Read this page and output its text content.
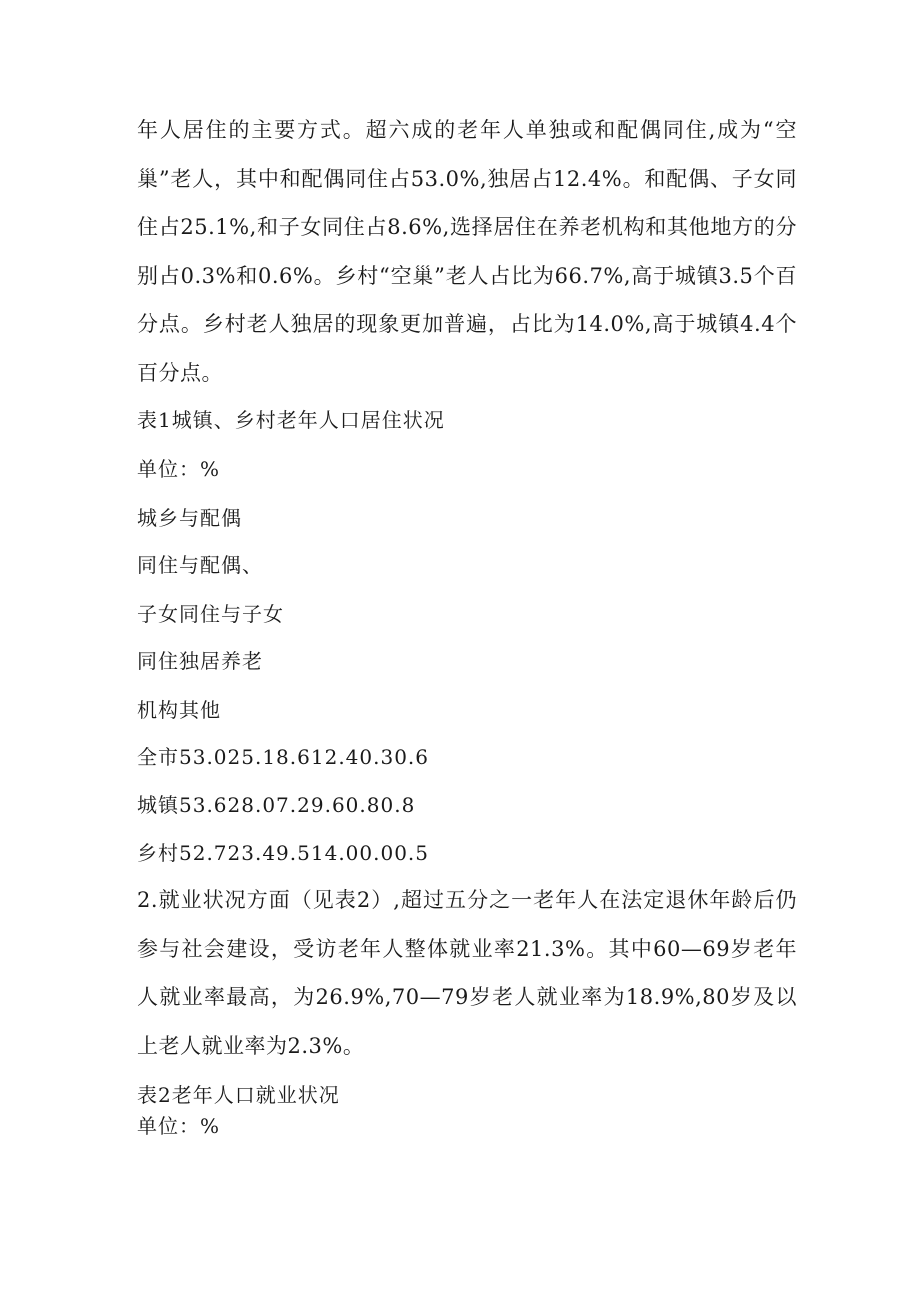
年人居住的主要方式。超六成的老年人单独或和配偶同住,成为“空巢”老人，其中和配偶同住占53.0%,独居占12.4%。和配偶、子女同住占25.1%,和子女同住占8.6%,选择居住在养老机构和其他地方的分别占0.3%和0.6%。乡村“空巢”老人占比为66.7%,高于城镇3.5个百分点。乡村老人独居的现象更加普遍，占比为14.0%,高于城镇4.4个百分点。

表1城镇、乡村老年人口居住状况
单位：%
城乡与配偶
同住与配偶、
子女同住与子女
同住独居养老
机构其他
全市53.025.18.612.40.30.6
城镇53.628.07.29.60.80.8
乡村52.723.49.514.00.00.5

2.就业状况方面（见表2）,超过五分之一老年人在法定退休年龄后仍参与社会建设，受访老年人整体就业率21.3%。其中60—69岁老年人就业率最高，为26.9%,70—79岁老人就业率为18.9%,80岁及以上老人就业率为2.3%。

表2老年人口就业状况
单位：%
